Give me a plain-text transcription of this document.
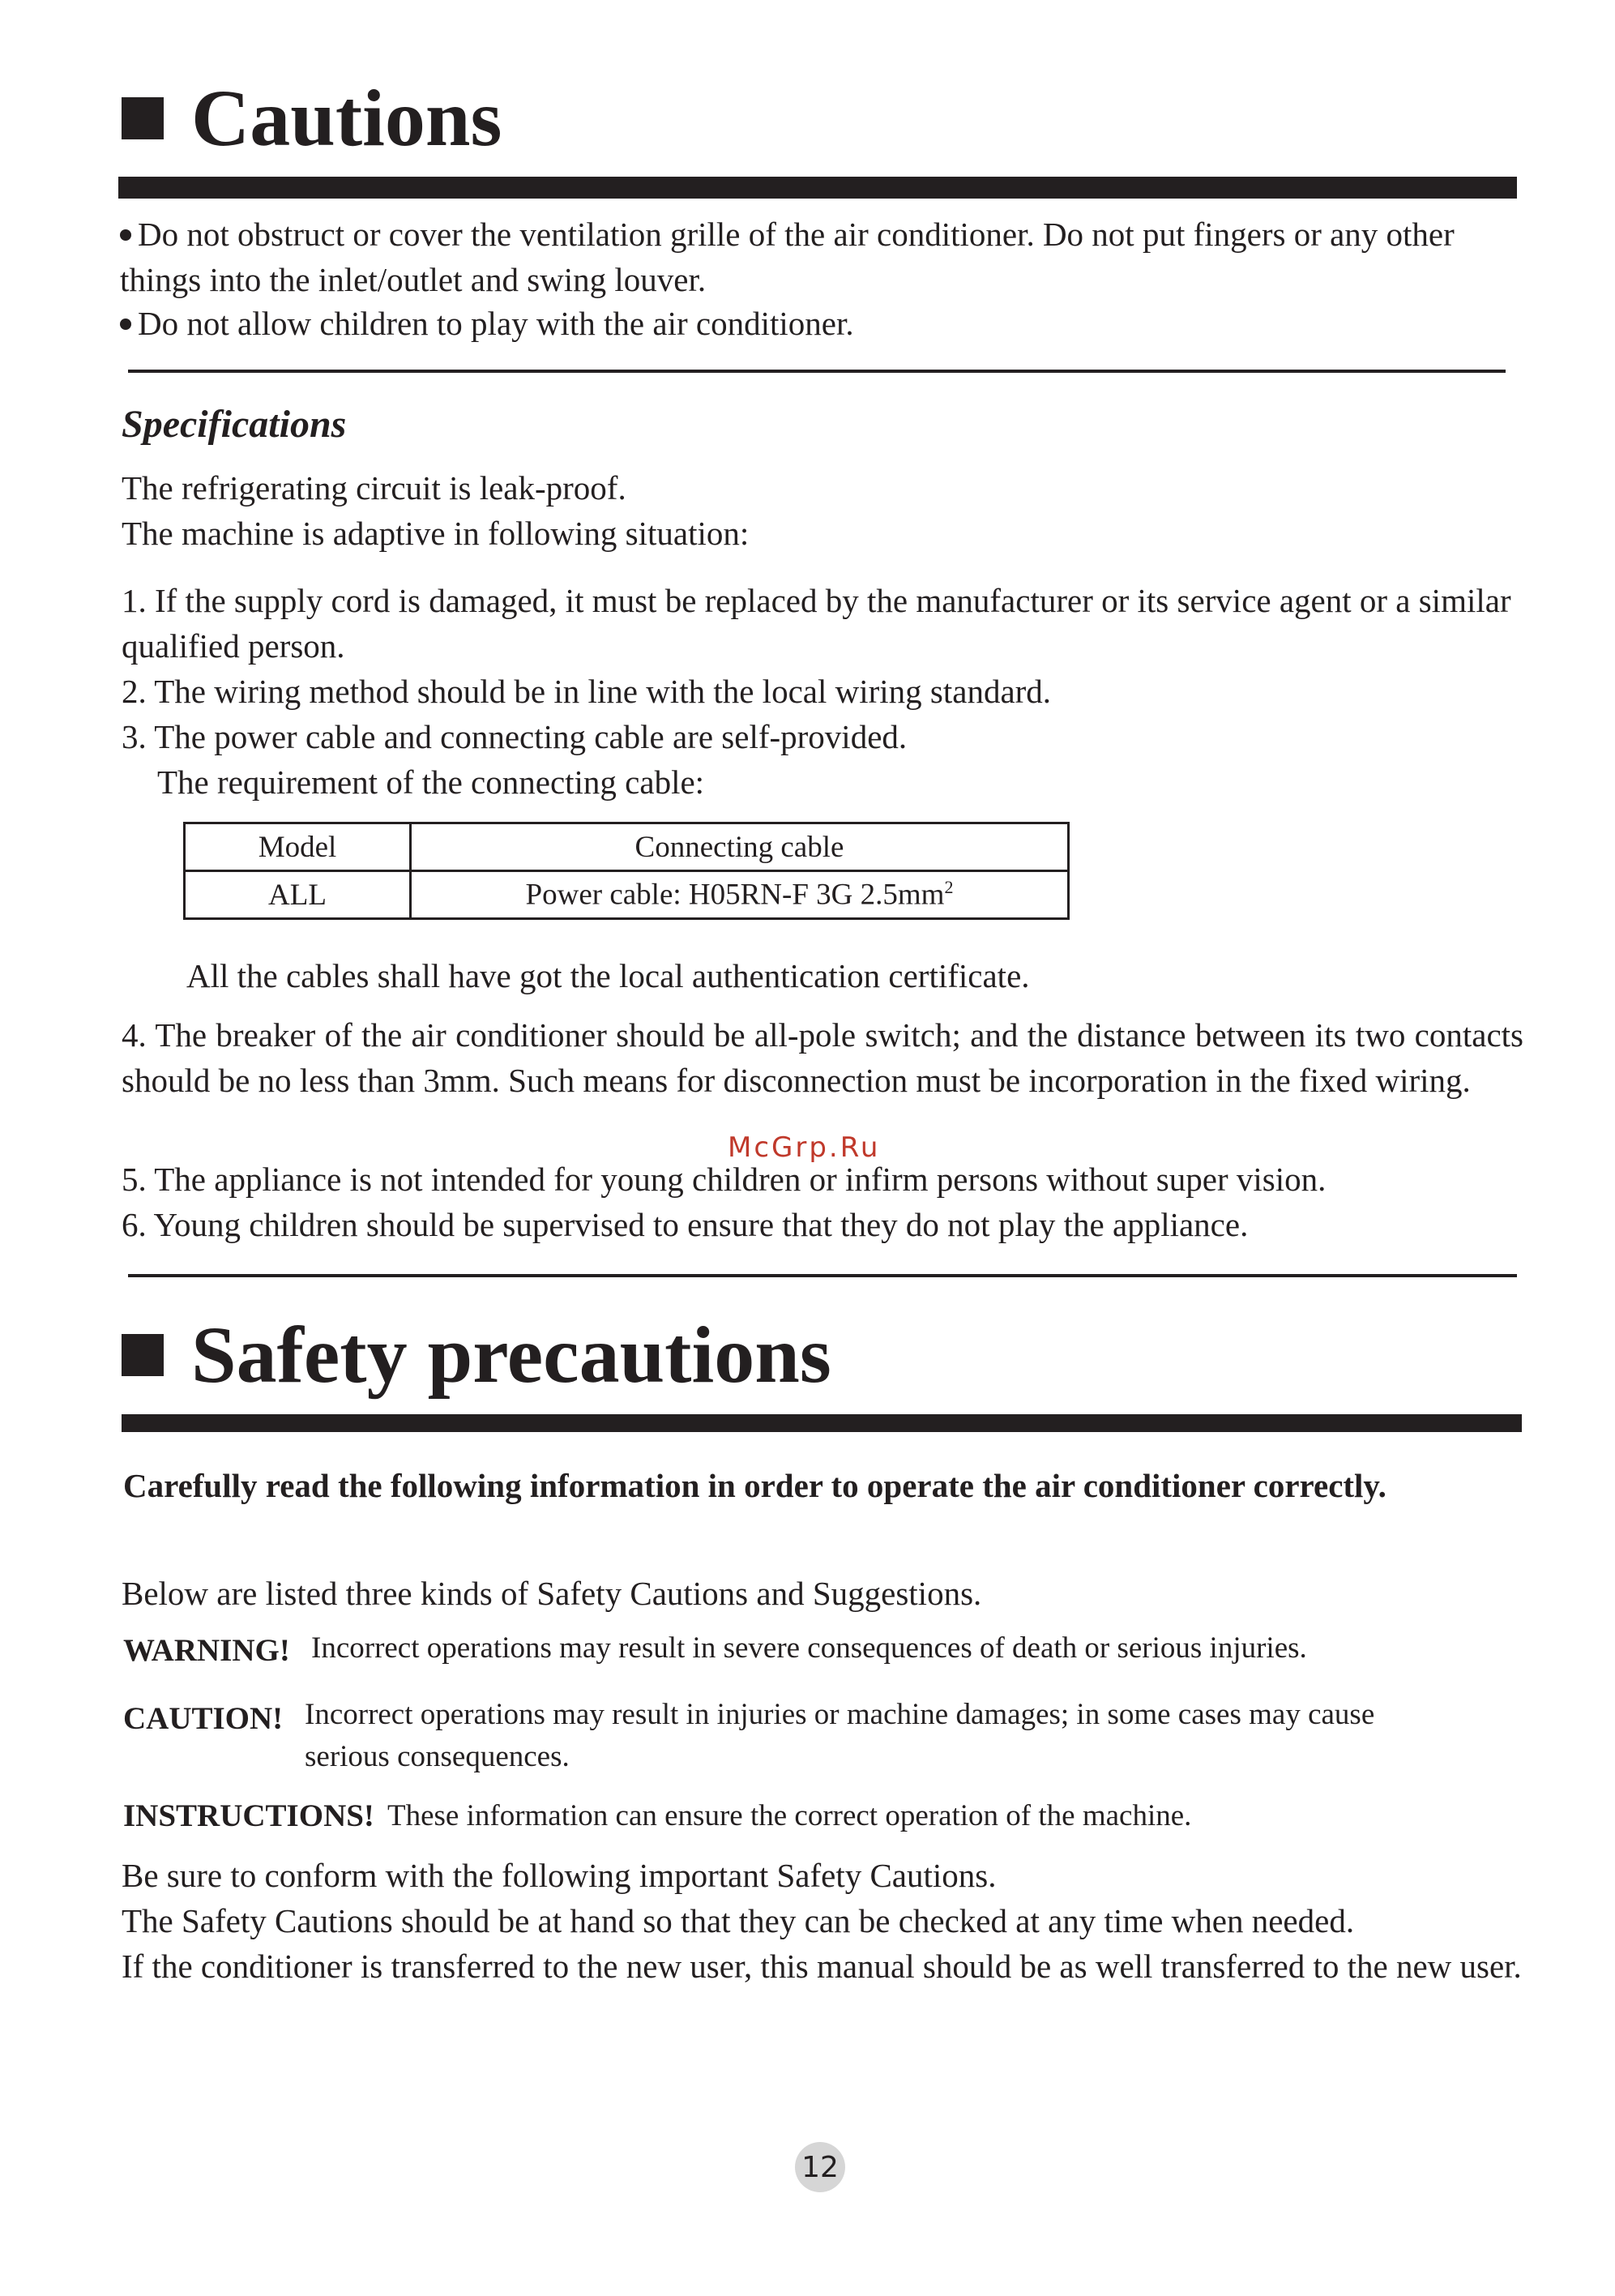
Cautions
Do not obstruct or cover the ventilation grille of the air conditioner. Do not put fingers or any other things into the inlet/outlet and swing louver.
Do not allow children to play with the air conditioner.
Specifications
The refrigerating circuit is leak-proof.
The machine is adaptive in following situation:
1. If the supply cord is damaged, it must be replaced by the manufacturer or its service agent or a similar qualified person.
2. The wiring method should be in line with the local wiring standard.
3. The power cable and connecting cable are self-provided.
The requirement of the connecting cable:
Model	Connecting cable
ALL	Power cable: H05RN-F 3G $2.5mm^2$
All the cables shall have got the local authentication certificate.
4. The breaker of the air conditioner should be all-pole switch; and the distance between its two contacts should be no less than 3mm. Such means for disconnection must be incorporation in the fixed wiring.
McGrp.Ru
5. The appliance is not intended for young children or infirm persons without super vision.
6. Young children should be supervised to ensure that they do not play the appliance.
Safety precautions
Carefully read the following information in order to operate the air conditioner correctly.
Below are listed three kinds of Safety Cautions and Suggestions.
WARNING! Incorrect operations may result in severe consequences of death or serious injuries.
CAUTION! Incorrect operations may result in injuries or machine damages; in some cases may cause serious consequences.
INSTRUCTIONS! These information can ensure the correct operation of the machine.
Be sure to conform with the following important Safety Cautions.
The Safety Cautions should be at hand so that they can be checked at any time when needed.
If the conditioner is transferred to the new user, this manual should be as well transferred to the new user.
12
